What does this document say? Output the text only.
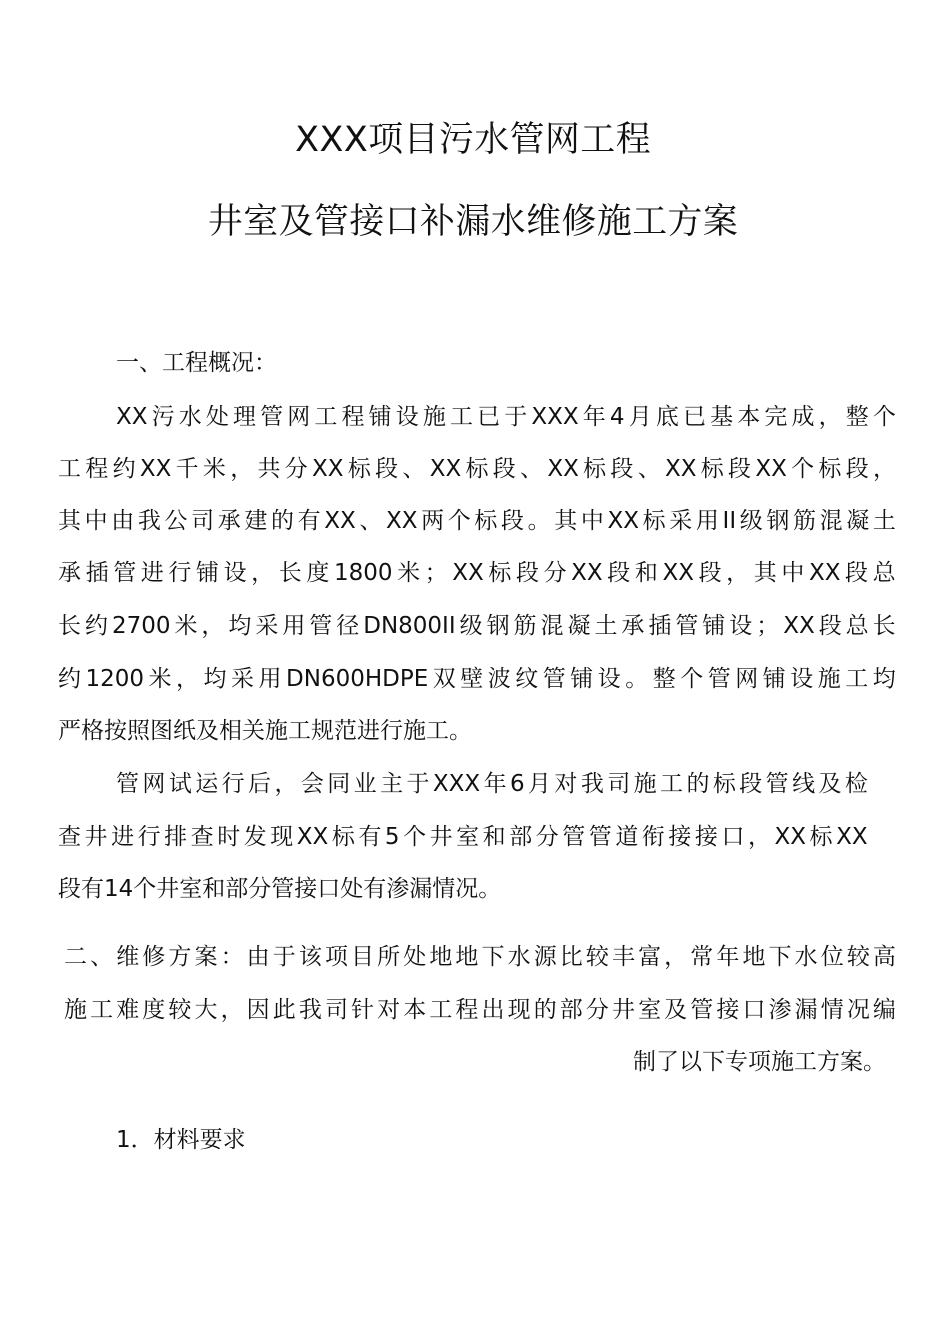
XXX项目污水管网工程
井室及管接口补漏水维修施工方案
一、工程概况：
XX 污 水 处 理 管 网 工 程 铺 设 施 工 已 于 XXX 年 4 月 底 已 基 本 完 成 ， 整 个
工 程 约 XX 千 米 ， 共 分 XX 标 段 、 XX 标 段 、 XX 标 段 、 XX 标 段 XX 个 标 段 ，
其 中 由 我 公 司 承 建 的 有 XX 、 XX 两 个 标 段 。 其 中 XX 标 采 用 II 级 钢 筋 混 凝 土
承 插 管 进 行 铺 设 ， 长 度 1800 米 ； XX 标 段 分 XX 段 和 XX 段 ， 其 中 XX 段 总
长 约 2700 米 ， 均 采 用 管 径 DN800II 级 钢 筋 混 凝 土 承 插 管 铺 设 ； XX 段 总 长
约 1200 米 ， 均 采 用 DN600HDPE 双 壁 波 纹 管 铺 设 。 整 个 管 网 铺 设 施 工 均
严格按照图纸及相关施工规范进行施工。
管 网 试 运 行 后 ， 会 同 业 主 于 XXX 年 6 月 对 我 司 施 工 的 标 段 管 线 及 检
查 井 进 行 排 查 时 发 现 XX 标 有 5 个 井 室 和 部 分 管 管 道 衔 接 接 口 ， XX 标 XX
段有14个井室和部分管接口处有渗漏情况。
二 、 维 修 方 案 ： 由 于 该 项 目 所 处 地 地 下 水 源 比 较 丰 富 ， 常 年 地 下 水 位 较 高
施 工 难 度 较 大 ， 因 此 我 司 针 对 本 工 程 出 现 的 部 分 井 室 及 管 接 口 渗 漏 情 况 编
制了以下专项施工方案。
1．材料要求
